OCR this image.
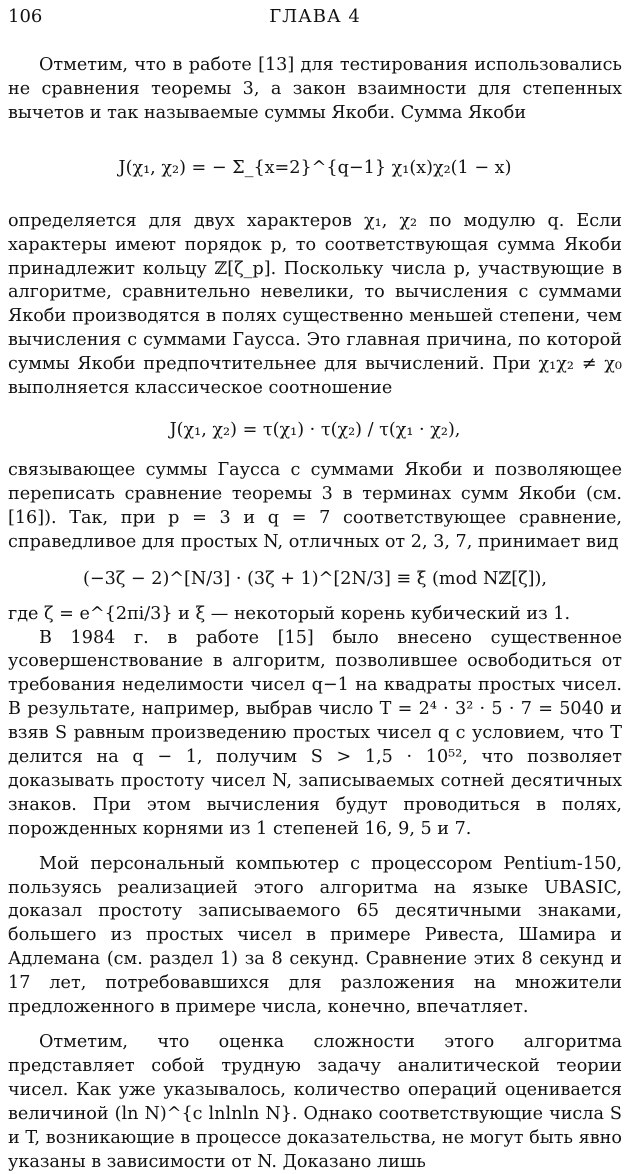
106	ГЛАВА 4

Отметим, что в работе [13] для тестирования использовались не сравнения теоремы 3, а закон взаимности для степенных вычетов и так называемые суммы Якоби. Сумма Якоби

J(χ₁, χ₂) = − Σ_{x=2}^{q−1} χ₁(x)χ₂(1 − x)

определяется для двух характеров χ₁, χ₂ по модулю q. Если характеры имеют порядок p, то соответствующая сумма Якоби принадлежит кольцу ℤ[ζ_p]. Поскольку числа p, участвующие в алгоритме, сравнительно невелики, то вычисления с суммами Якоби производятся в полях существенно меньшей степени, чем вычисления с суммами Гаусса. Это главная причина, по которой суммы Якоби предпочтительнее для вычислений. При χ₁χ₂ ≠ χ₀ выполняется классическое соотношение

J(χ₁, χ₂) = τ(χ₁) · τ(χ₂) / τ(χ₁ · χ₂),

связывающее суммы Гаусса с суммами Якоби и позволяющее переписать сравнение теоремы 3 в терминах сумм Якоби (см. [16]). Так, при p = 3 и q = 7 соответствующее сравнение, справедливое для простых N, отличных от 2, 3, 7, принимает вид

(−3ζ − 2)^[N/3] · (3ζ + 1)^[2N/3] ≡ ξ (mod Nℤ[ζ]),

где ζ = e^{2πi/3} и ξ — некоторый корень кубический из 1.

В 1984 г. в работе [15] было внесено существенное усовершенствование в алгоритм, позволившее освободиться от требования неделимости чисел q−1 на квадраты простых чисел. В результате, например, выбрав число T = 2⁴ · 3² · 5 · 7 = 5040 и взяв S равным произведению простых чисел q с условием, что T делится на q − 1, получим S > 1,5 · 10⁵², что позволяет доказывать простоту чисел N, записываемых сотней десятичных знаков. При этом вычисления будут проводиться в полях, порожденных корнями из 1 степеней 16, 9, 5 и 7.

Мой персональный компьютер с процессором Pentium-150, пользуясь реализацией этого алгоритма на языке UBASIC, доказал простоту записываемого 65 десятичными знаками, большего из простых чисел в примере Ривеста, Шамира и Адлемана (см. раздел 1) за 8 секунд. Сравнение этих 8 секунд и 17 лет, потребовавшихся для разложения на множители предложенного в примере числа, конечно, впечатляет.

Отметим, что оценка сложности этого алгоритма представляет собой трудную задачу аналитической теории чисел. Как уже указывалось, количество операций оценивается величиной (ln N)^{c lnlnln N}. Однако соответствующие числа S и T, возникающие в процессе доказательства, не могут быть явно указаны в зависимости от N. Доказано лишь
